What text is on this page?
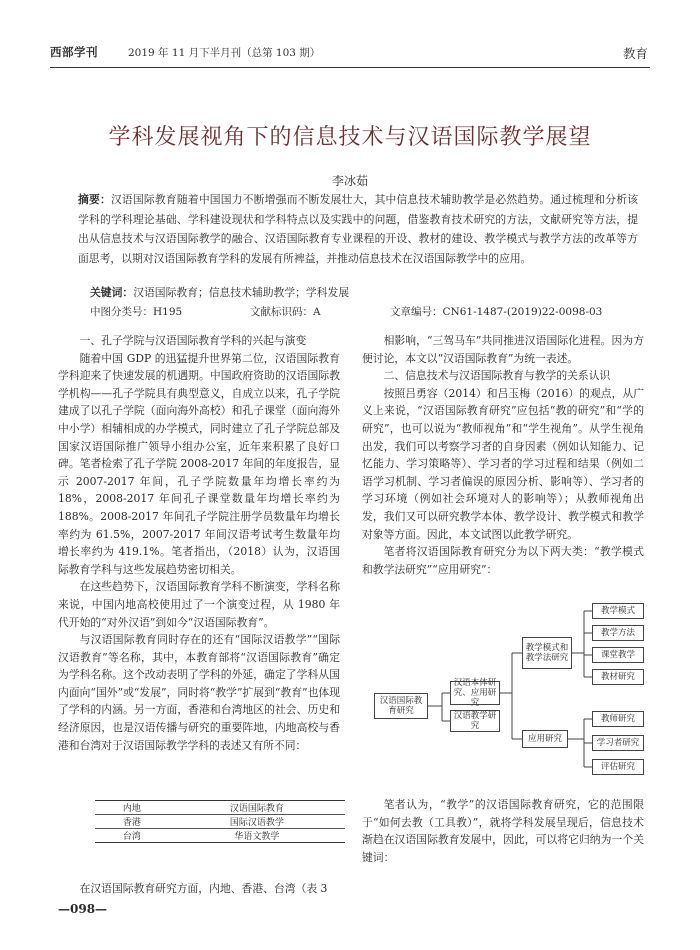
西部学刊	2019 年 11 月下半月刊（总第 103 期）	教育
学科发展视角下的信息技术与汉语国际教学展望
李冰茹
摘要：汉语国际教育随着中国国力不断增强而不断发展壮大，其中信息技术辅助教学是必然趋势。通过梳理和分析该学科的学科理论基础、学科建设现状和学科特点以及实践中的问题，借鉴教育技术研究的方法，文献研究等方法，提出从信息技术与汉语国际教学的融合、汉语国际教育专业课程的开设、教材的建设、教学模式与教学方法的改革等方面思考，以期对汉语国际教育学科的发展有所裨益，并推动信息技术在汉语国际教学中的应用。
关键词：汉语国际教育；信息技术辅助教学；学科发展
中图分类号：H195	文献标识码：A	文章编号：CN61-1487-(2019)22-0098-03
一、孔子学院与汉语国际教育学科的兴起与演变

随着中国 GDP 的迅猛提升世界第二位，汉语国际教育学科迎来了快速发展的机遇期。中国政府资助的汉语国际教学机构——孔子学院具有典型意义，自成立以来，孔子学院建成了以孔子学院（面向海外高校）和孔子课堂（面向海外中小学）相辅相成的办学模式，同时建立了孔子学院总部及国家汉语国际推广领导小组办公室，近年来积累了良好口碑。笔者检索了孔子学院 2008-2017 年间的年度报告，显示 2007-2017 年间，孔子学院数量年均增长率约为 18%，2008-2017 年间孔子课堂数量年均增长率约为 188%。2008-2017 年间孔子学院注册学员数量年均增长率约为 61.5%，2007-2017 年间汉语考试考生数量年均增长率约为 419.1%。笔者指出，（2018）认为，汉语国际教育学科与这些发展趋势密切相关。

在这些趋势下，汉语国际教育学科不断演变，学科名称来说，中国内地高校使用过了一个演变过程，从 1980 年代开始的“对外汉语”到如今“汉语国际教育”。

与汉语国际教育同时存在的还有“国际汉语教学”“国际汉语教育”等名称，其中，本教育部将“汉语国际教育”确定为学科名称。这个改动表明了学科的外延，确定了学科从国内面向“国外”或“发展”，同时将“教学”扩展到“教育”也体现了学科的内涵。另一方面，香港和台湾地区的社会、历史和经济原因，也是汉语传播与研究的重要阵地，内地高校与香港和台湾对于汉语国际教学学科的表述又有所不同：

内地	汉语国际教育
香港	国际汉语教学
台湾	华语文教学

在汉语国际教育研究方面，内地、香港、台湾（表 3

相影响，“三驾马车”共同推进汉语国际化进程。因为方便讨论，本文以“汉语国际教育”为统一表述。

二、信息技术与汉语国际教育与教学的关系认识

按照吕勇容（2014）和吕玉梅（2016）的观点，从广义上来说，“汉语国际教育研究”应包括“教的研究”和“学的研究”，也可以说为“教师视角”和“学生视角”。从学生视角出发，我们可以考察学习者的自身因素（例如认知能力、记忆能力、学习策略等）、学习者的学习过程和结果（例如二语学习机制、学习者偏误的原因分析、影响等）、学习者的学习环境（例如社会环境对人的影响等）；从教师视角出发，我们又可以研究教学本体、教学设计、教学模式和教学对象等方面。因此，本文试图以此教学研究。

笔者将汉语国际教育研究分为以下两大类：“教学模式和教学法研究”“应用研究”：

汉语国际教育研究
汉语本体研究、应用研究
汉语教学研究
教学模式和教学法研究
应用研究
教学模式
教学方法
课堂教学
教材研究
教师研究
学习者研究
评估研究

笔者认为，“教学”的汉语国际教育研究，它的范围限于“如何去教（工具教）”，就将学科发展呈现后，信息技术渐趋在汉语国际教育发展中，因此，可以将它归纳为一个关键词：

—098—
